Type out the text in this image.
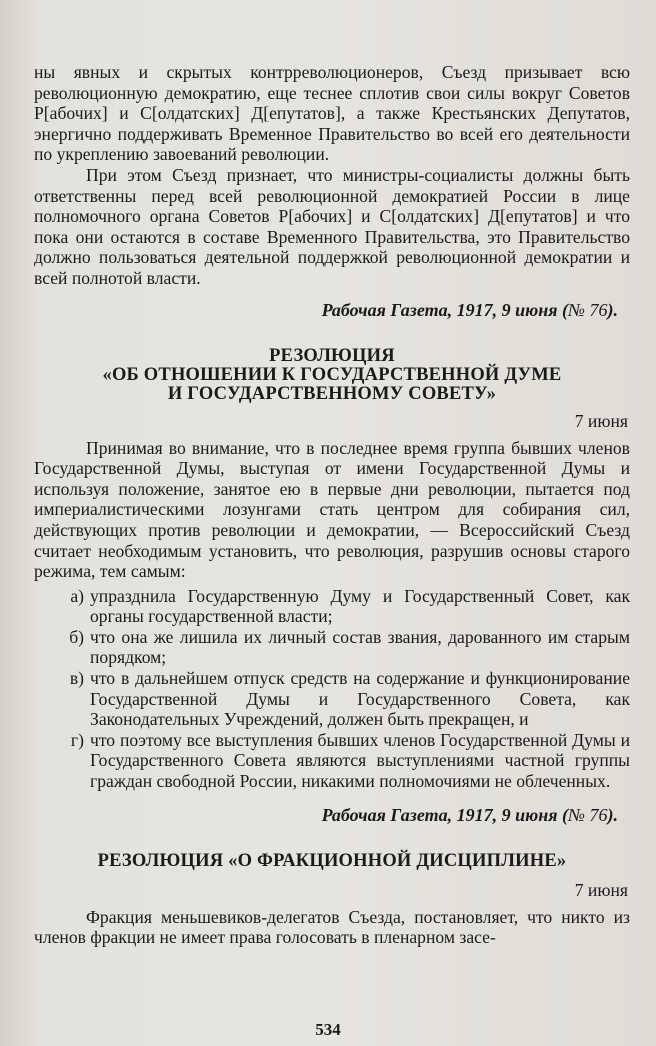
ны явных и скрытых контрреволюционеров, Съезд призывает всю революционную демократию, еще теснее сплотив свои силы вокруг Советов Р[абочих] и С[олдатских] Д[епутатов], а также Крестьянских Депутатов, энергично поддерживать Временное Правительство во всей его деятельности по укреплению завоеваний революции.

При этом Съезд признает, что министры-социалисты должны быть ответственны перед всей революционной демократией России в лице полномочного органа Советов Р[абочих] и С[олдатских] Д[епутатов] и что пока они остаются в составе Временного Правительства, это Правительство должно пользоваться деятельной поддержкой революционной демократии и всей полнотой власти.

Рабочая Газета, 1917, 9 июня (№ 76).
РЕЗОЛЮЦИЯ
«ОБ ОТНОШЕНИИ К ГОСУДАРСТВЕННОЙ ДУМЕ
И ГОСУДАРСТВЕННОМУ СОВЕТУ»
7 июня

Принимая во внимание, что в последнее время группа бывших членов Государственной Думы, выступая от имени Государственной Думы и используя положение, занятое ею в первые дни революции, пытается под империалистическими лозунгами стать центром для собирания сил, действующих против революции и демократии, — Всероссийский Съезд считает необходимым установить, что революция, разрушив основы старого режима, тем самым:

а) упразднила Государственную Думу и Государственный Совет, как органы государственной власти;
б) что она же лишила их личный состав звания, дарованного им старым порядком;
в) что в дальнейшем отпуск средств на содержание и функционирование Государственной Думы и Государственного Совета, как Законодательных Учреждений, должен быть прекращен, и
г) что поэтому все выступления бывших членов Государственной Думы и Государственного Совета являются выступлениями частной группы граждан свободной России, никакими полномочиями не облеченных.
Рабочая Газета, 1917, 9 июня (№ 76).
РЕЗОЛЮЦИЯ «О ФРАКЦИОННОЙ ДИСЦИПЛИНЕ»
7 июня

Фракция меньшевиков-делегатов Съезда, постановляет, что никто из членов фракции не имеет права голосовать в пленарном засе-

534
